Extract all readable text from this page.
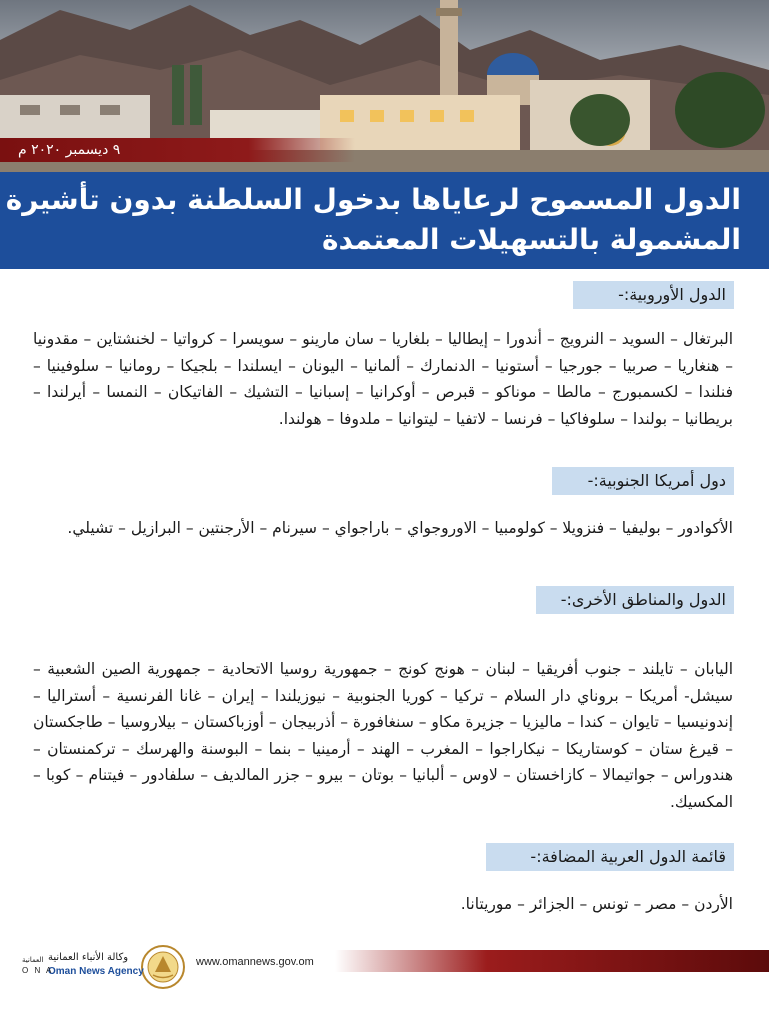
٩ ديسمبر ٢٠٢٠ م
الدول المسموح لرعاياها بدخول السلطنة بدون تأشيرة
المشمولة بالتسهيلات المعتمدة
الدول الأوروبية:-
البرتغال – السويد – النرويج – أندورا – إيطاليا – بلغاريا – سان مارينو – سويسرا – كرواتيا – لخنشتاين – مقدونيا – هنغاريا – صربيا – جورجيا – أستونيا – الدنمارك – ألمانيا – اليونان – ايسلندا – بلجيكا – رومانيا – سلوفينيا – فنلندا – لكسمبورج – مالطا – موناكو – قبرص – أوكرانيا – إسبانيا – التشيك – الفاتيكان – النمسا – أيرلندا – بريطانيا – بولندا – سلوفاكيا – فرنسا – لاتفيا – ليتوانيا – ملدوفا – هولندا.
دول أمريكا الجنوبية:-
الأكوادور – بوليفيا – فنزويلا – كولومبيا – الاوروجواي – باراجواي – سيرنام – الأرجنتين – البرازيل – تشيلي.
الدول والمناطق الأخرى:-
اليابان – تايلند – جنوب أفريقيا – لبنان – هونج كونج – جمهورية روسيا الاتحادية – جمهورية الصين الشعبية – سيشل- أمريكا – بروناي دار السلام – تركيا – كوريا الجنوبية – نيوزيلندا – إيران – غانا الفرنسية – أستراليا – إندونيسيا – تايوان – كندا – ماليزيا – جزيرة مكاو – سنغافورة – أذربيجان – أوزباكستان – بيلاروسيا – طاجكستان – قيرغ ستان – كوستاريكا – نيكاراجوا – المغرب – الهند – أرمينيا – بنما – البوسنة والهرسك – تركمنستان – هندوراس – جواتيمالا – كازاخستان – لاوس – ألبانيا – بوتان – بيرو – جزر المالديف – سلفادور – فيتنام – كوبا – المكسيك.
قائمة الدول العربية المضافة:-
الأردن – مصر – تونس – الجزائر – موريتانا.
www.omannews.gov.om
وكالة الأنباء العمانية
Oman News Agency
العمانية
O N A
